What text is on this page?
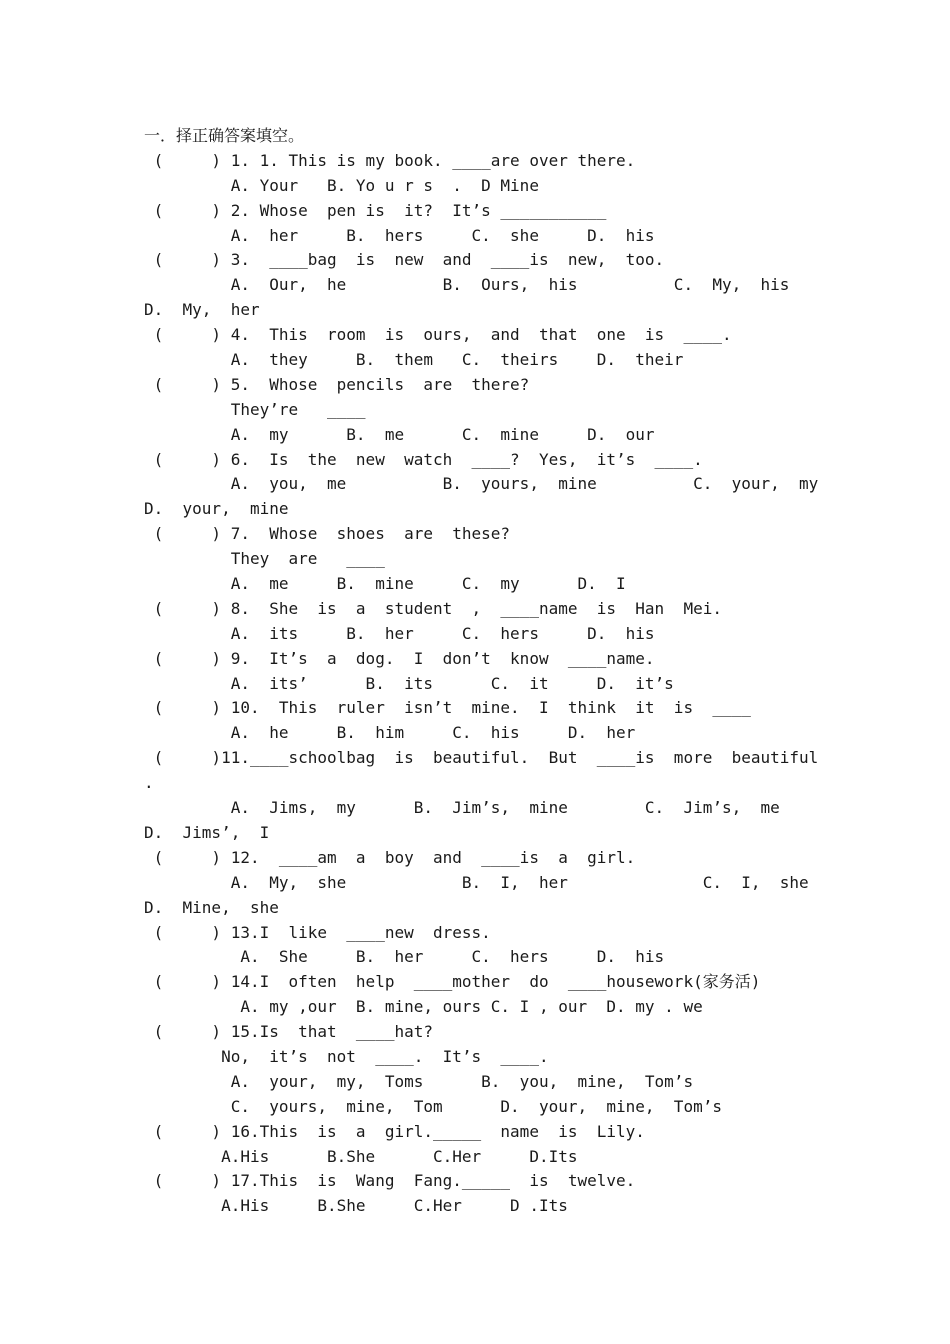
一．择正确答案填空。
(     ) 1. 1. This is my book. ____are over there.
A. Your   B. Yo u r s  .  D Mine
(     ) 2. Whose  pen is  it?  It’s ___________
A.  her     B.  hers     C.  she     D.  his
(     ) 3.  ____bag  is  new  and  ____is  new,  too.
A.  Our,  he          B.  Ours,  his          C.  My,  his
D.  My,  her
(     ) 4.  This  room  is  ours,  and  that  one  is  ____.
A.  they     B.  them   C.  theirs    D.  their
(     ) 5.  Whose  pencils  are  there?
They’re   ____
A.  my      B.  me      C.  mine     D.  our
(     ) 6.  Is  the  new  watch  ____?  Yes,  it’s  ____.
A.  you,  me          B.  yours,  mine          C.  your,  my
D.  your,  mine
(     ) 7.  Whose  shoes  are  these?
They  are   ____
A.  me     B.  mine     C.  my      D.  I
(     ) 8.  She  is  a  student  ,  ____name  is  Han  Mei.
A.  its     B.  her     C.  hers     D.  his
(     ) 9.  It’s  a  dog.  I  don’t  know  ____name.
A.  its’      B.  its      C.  it     D.  it’s
(     ) 10.  This  ruler  isn’t  mine.  I  think  it  is  ____
A.  he     B.  him     C.  his     D.  her
(     )11.____schoolbag  is  beautiful.  But  ____is  more  beautiful
.
A.  Jims,  my      B.  Jim’s,  mine        C.  Jim’s,  me
D.  Jims’,  I
(     ) 12.  ____am  a  boy  and  ____is  a  girl.
A.  My,  she            B.  I,  her              C.  I,  she
D.  Mine,  she
(     ) 13.I  like  ____new  dress.
A.  She     B.  her     C.  hers     D.  his
(     ) 14.I  often  help  ____mother  do  ____housework(家务活)
A. my ,our  B. mine, ours C. I , our  D. my . we
(     ) 15.Is  that  ____hat?
No,  it’s  not  ____.  It’s  ____.
A.  your,  my,  Toms      B.  you,  mine,  Tom’s
C.  yours,  mine,  Tom      D.  your,  mine,  Tom’s
(     ) 16.This  is  a  girl._____  name  is  Lily.
A.His      B.She      C.Her     D.Its
(     ) 17.This  is  Wang  Fang._____  is  twelve.
A.His     B.She     C.Her     D .Its
